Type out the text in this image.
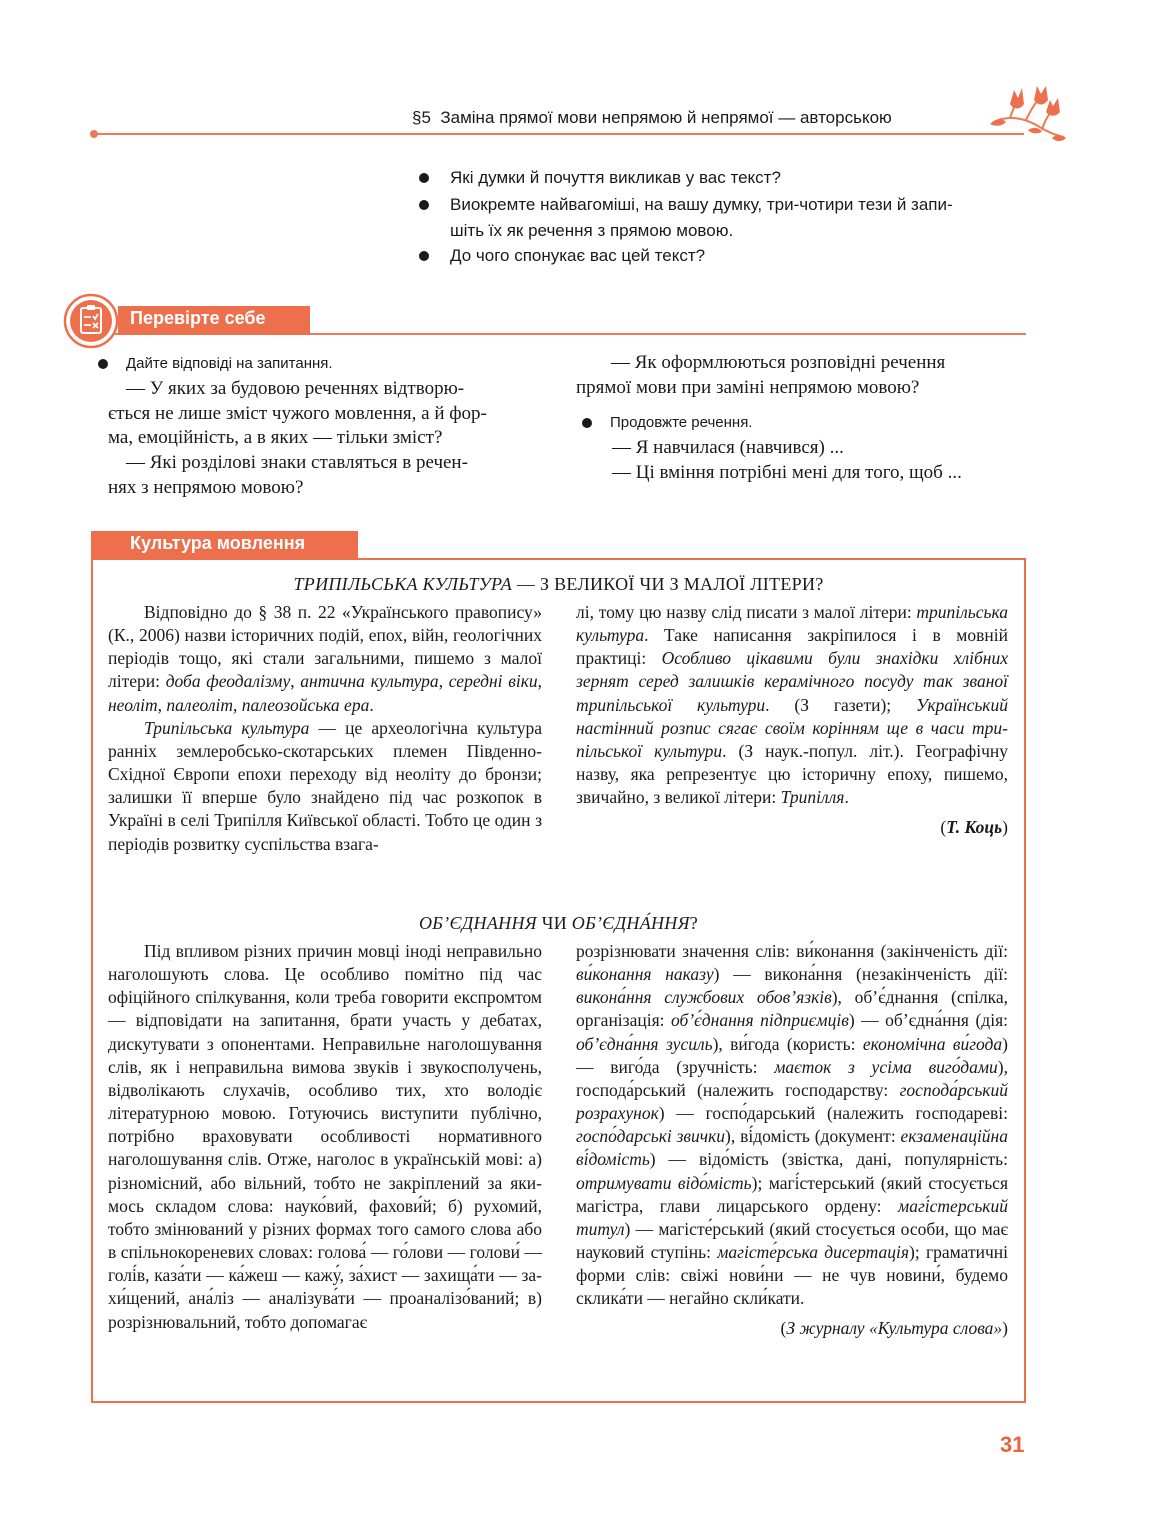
§5 Заміна прямої мови непрямою й непрямої — авторською
Які думки й почуття викликав у вас текст?
Виокремте найвагоміші, на вашу думку, три-чотири тези й запи-
шіть їх як речення з прямою мовою.
До чого спонукає вас цей текст?
Перевірте себе
Дайте відповіді на запитання.

— У яких за будовою реченнях відтворю-

ється не лише зміст чужого мовлення, а й фор-

ма, емоційність, а в яких — тільки зміст?

— Які розділові знаки ставляться в речен-

нях з непрямою мовою?

— Як оформлюються розповідні речення

прямої мови при заміні непрямою мовою?

Продовжте речення.

— Я навчилася (навчився) ...

— Ці вміння потрібні мені для того, щоб ...

Культура мовлення
ТРИПІЛЬСЬКА КУЛЬТУРА — З ВЕЛИКОЇ ЧИ З МАЛОЇ ЛІТЕРИ?

Відповідно до § 38 п. 22 «Українського правопису» (К., 2006) назви історичних подій, епох, війн, геологічних періодів тощо, які стали загальними, пишемо з малої літери: доба феодалізму, антична культура, середні віки, неоліт, палеоліт, палеозойська ера.

Трипільська культура — це археологічна культура ранніх землеробсько-скотарських племен Південно-Східної Європи епохи переходу від неоліту до бронзи; залишки її вперше було знайдено під час розкопок в Україні в селі Трипілля Київської області. Тобто це один з періодів розвитку суспільства взага-

лі, тому цю назву слід писати з малої літери: трипільська культура. Таке написання закріпилося і в мовній практиці: Особливо цікавими були знахідки хлібних зернят серед залишків керамічного посуду так званої трипільської культури. (З газети); Український настінний розпис сягає своїм корінням ще в часи трипільської культури. (З наук.-попул. літ.). Географічну назву, яка репрезентує цю історичну епоху, пишемо, звичайно, з великої літери: Трипілля.

(Т. Коць)

ОБ’ЄДНАННЯ ЧИ ОБ’ЄДНА́ННЯ?

Під впливом різних причин мовці іноді неправильно наголошують слова. Це особливо помітно під час офіційного спілкування, коли треба говорити експромтом — відповідати на запитання, брати участь у дебатах, дискутувати з опонентами. Неправильне наголошування слів, як і неправильна вимова звуків і звукосполучень, відволікають слухачів, особливо тих, хто володіє літературною мовою. Готуючись виступити публічно, потрібно враховувати особливості нормативного наголошування слів. Отже, наголос в українській мові: а) різномісний, або вільний, тобто не закріплений за якимось складом слова: науко́вий, фахови́й; б) рухомий, тобто змінюваний у різних формах того самого слова або в спільнокореневих словах: голова́ — го́лови — голови́ — голі́в, каза́ти — ка́жеш — кажу́, за́хист — захища́ти — захи́щений, ана́ліз — аналізува́ти — проаналізо́ваний; в) розрізнювальний, тобто допомагає

розрізнювати значення слів: ви́конання (закінченість дії: ви́конання наказу) — викона́ння (незакінченість дії: викона́ння службових обов’язків), об’є́днання (спілка, організація: об’є́днання підприємців) — об’єдна́ння (дія: об’єдна́ння зусиль), ви́года (користь: економічна ви́года) — виго́да (зручність: маєток з усіма виго́дами), господа́рський (належить господарству: господа́рський розрахунок) — госпо́дарський (належить господареві: госпо́дарські звички), ві́домість (документ: екзаменаційна ві́домість) — відо́мість (звістка, дані, популярність: отримувати відо́мість); магі́стерський (який стосується магістра, глави лицарського ордену: магі́стерський титул) — магісте́рський (який стосується особи, що має науковий ступінь: магісте́рська дисертація); граматичні форми слів: свіжі нови́ни — не чув новини́, будемо склика́ти — негайно скли́кати.

(З журналу «Культура слова»)

31
